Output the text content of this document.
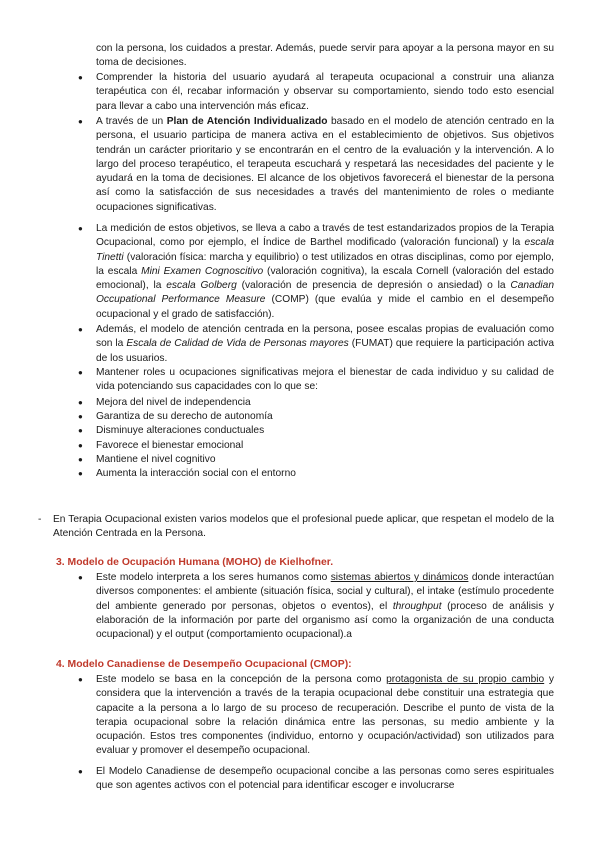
con la persona, los cuidados a prestar. Además, puede servir para apoyar a la persona mayor en su toma de decisiones.

●	Comprender la historia del usuario ayudará al terapeuta ocupacional a construir una alianza terapéutica con él, recabar información y observar su comportamiento, siendo todo esto esencial para llevar a cabo una intervención más eficaz.

●	A través de un Plan de Atención Individualizado basado en el modelo de atención centrado en la persona, el usuario participa de manera activa en el establecimiento de objetivos. Sus objetivos tendrán un carácter prioritario y se encontrarán en el centro de la evaluación y la intervención. A lo largo del proceso terapéutico, el terapeuta escuchará y respetará las necesidades del paciente y le ayudará en la toma de decisiones. El alcance de los objetivos favorecerá el bienestar de la persona así como la satisfacción de sus necesidades a través del mantenimiento de roles o mediante ocupaciones significativas.

●	La medición de estos objetivos, se lleva a cabo a través de test estandarizados propios de la Terapia Ocupacional, como por ejemplo, el Índice de Barthel modificado (valoración funcional) y la escala Tinetti (valoración física: marcha y equilibrio) o test utilizados en otras disciplinas, como por ejemplo, la escala Mini Examen Cognoscitivo (valoración cognitiva), la escala Cornell (valoración del estado emocional), la escala Golberg (valoración de presencia de depresión o ansiedad) o la Canadian Occupational Performance Measure (COMP) (que evalúa y mide el cambio en el desempeño ocupacional y el grado de satisfacción).

●	Además, el modelo de atención centrada en la persona, posee escalas propias de evaluación como son la Escala de Calidad de Vida de Personas mayores (FUMAT) que requiere la participación activa de los usuarios.

●	Mantener roles u ocupaciones significativas mejora el bienestar de cada individuo y su calidad de vida potenciando sus capacidades con lo que se:

●	Mejora del nivel de independencia

●	Garantiza de su derecho de autonomía

●	Disminuye alteraciones conductuales

●	Favorece el bienestar emocional

●	Mantiene el nivel cognitivo

●	Aumenta la interacción social con el entorno

- En Terapia Ocupacional existen varios modelos que el profesional puede aplicar, que respetan el modelo de la Atención Centrada en la Persona.

3. Modelo de Ocupación Humana (MOHO) de Kielhofner.

●	Este modelo interpreta a los seres humanos como sistemas abiertos y dinámicos donde interactúan diversos componentes: el ambiente (situación física, social y cultural), el intake (estímulo procedente del ambiente generado por personas, objetos o eventos), el throughput (proceso de análisis y elaboración de la información por parte del organismo así como la organización de una conducta ocupacional) y el output (comportamiento ocupacional).a

4. Modelo Canadiense de Desempeño Ocupacional (CMOP):

●	Este modelo se basa en la concepción de la persona como protagonista de su propio cambio y considera que la intervención a través de la terapia ocupacional debe constituir una estrategia que capacite a la persona a lo largo de su proceso de recuperación. Describe el punto de vista de la terapia ocupacional sobre la relación dinámica entre las personas, su medio ambiente y la ocupación. Estos tres componentes (individuo, entorno y ocupación/actividad) son utilizados para evaluar y promover el desempeño ocupacional.

●	El Modelo Canadiense de desempeño ocupacional concibe a las personas como seres espirituales que son agentes activos con el potencial para identificar escoger e involucrarse
